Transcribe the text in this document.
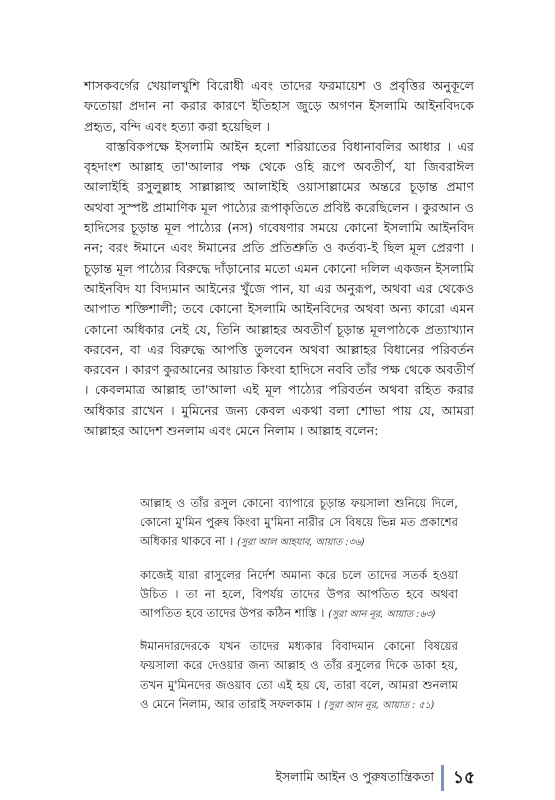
শাসকবর্গের খেয়ালখুশি বিরোধী এবং তাদের ফরমায়েশ ও প্রবৃত্তির অনুকূলে ফতোয়া প্রদান না করার কারণে ইতিহাস জুড়ে অগণন ইসলামি আইনবিদকে প্রহৃত, বন্দি এবং হত্যা করা হয়েছিল ।

বাস্তবিকপক্ষে ইসলামি আইন হলো শরিয়াতের বিধানাবলির আধার । এর বৃহদাংশ আল্লাহ তা'আলার পক্ষ থেকে ওহি রূপে অবতীর্ণ, যা জিবরাঈল আলাইহি রসুলুল্লাহ সাল্লাল্লাহু আলাইহি ওয়াসাল্লামের অন্তরে চূড়ান্ত প্রমাণ অথবা সুস্পষ্ট প্রামাণিক মূল পাঠ্যের রূপাকৃতিতে প্রবিষ্ট করেছিলেন । কুরআন ও হাদিসের চূড়ান্ত মূল পাঠ্যের (নস) গবেষণার সময়ে কোনো ইসলামি আইনবিদ নন; বরং ঈমানে এবং ঈমানের প্রতি প্রতিশ্রুতি ও কর্তব্য-ই ছিল মূল প্রেরণা । চূড়ান্ত মূল পাঠ্যের বিরুদ্ধে দাঁড়ানোর মতো এমন কোনো দলিল একজন ইসলামি আইনবিদ যা বিদ্যমান আইনের খুঁজে পান, যা এর অনুরূপ, অথবা এর থেকেও আপাত শক্তিশালী; তবে কোনো ইসলামি আইনবিদের অথবা অন্য কারো এমন কোনো অধিকার নেই যে, তিনি আল্লাহর অবতীর্ণ চূড়ান্ত মূলপাঠকে প্রত্যাখ্যান করবেন, বা এর বিরুদ্ধে আপত্তি তুলবেন অথবা আল্লাহর বিধানের পরিবর্তন করবেন । কারণ কুরআনের আয়াত কিংবা হাদিসে নববি তাঁর পক্ষ থেকে অবতীর্ণ । কেবলমাত্র আল্লাহ তা'আলা এই মূল পাঠ্যের পরিবর্তন অথবা রহিত করার অধিকার রাখেন । মুমিনের জন্য কেবল একথা বলা শোভা পায় যে, আমরা আল্লাহর আদেশ শুনলাম এবং মেনে নিলাম । আল্লাহ বলেন:

আল্লাহ ও তাঁর রসুল কোনো ব্যাপারে চূড়ান্ত ফয়সালা শুনিয়ে দিলে, কোনো মু'মিন পুরুষ কিংবা মু'মিনা নারীর সে বিষয়ে ভিন্ন মত প্রকাশের অধিকার থাকবে না । (সুরা আল আহযাব, আয়াত :৩৬)

কাজেই যারা রাসুলের নির্দেশ অমান্য করে চলে তাদের সতর্ক হওয়া উচিত । তা না হলে, বিপর্যয় তাদের উপর আপতিত হবে অথবা আপতিত হবে তাদের উপর কঠিন শাস্তি । (সুরা আন নূর, আয়াত :৬৩)

ঈমানদারদেরকে যখন তাদের মধ্যকার বিবাদমান কোনো বিষয়ের ফয়সালা করে দেওয়ার জন্য আল্লাহ ও তাঁর রসুলের দিকে ডাকা হয়, তখন মু'মিনদের জওয়াব তো এই হয় যে, তারা বলে, আমরা শুনলাম ও মেনে নিলাম, আর তারাই সফলকাম । (সুরা আন নূর, আয়াত : ৫১)

ইসলামি আইন ও পুরুষতান্ত্রিকতা ১৫
